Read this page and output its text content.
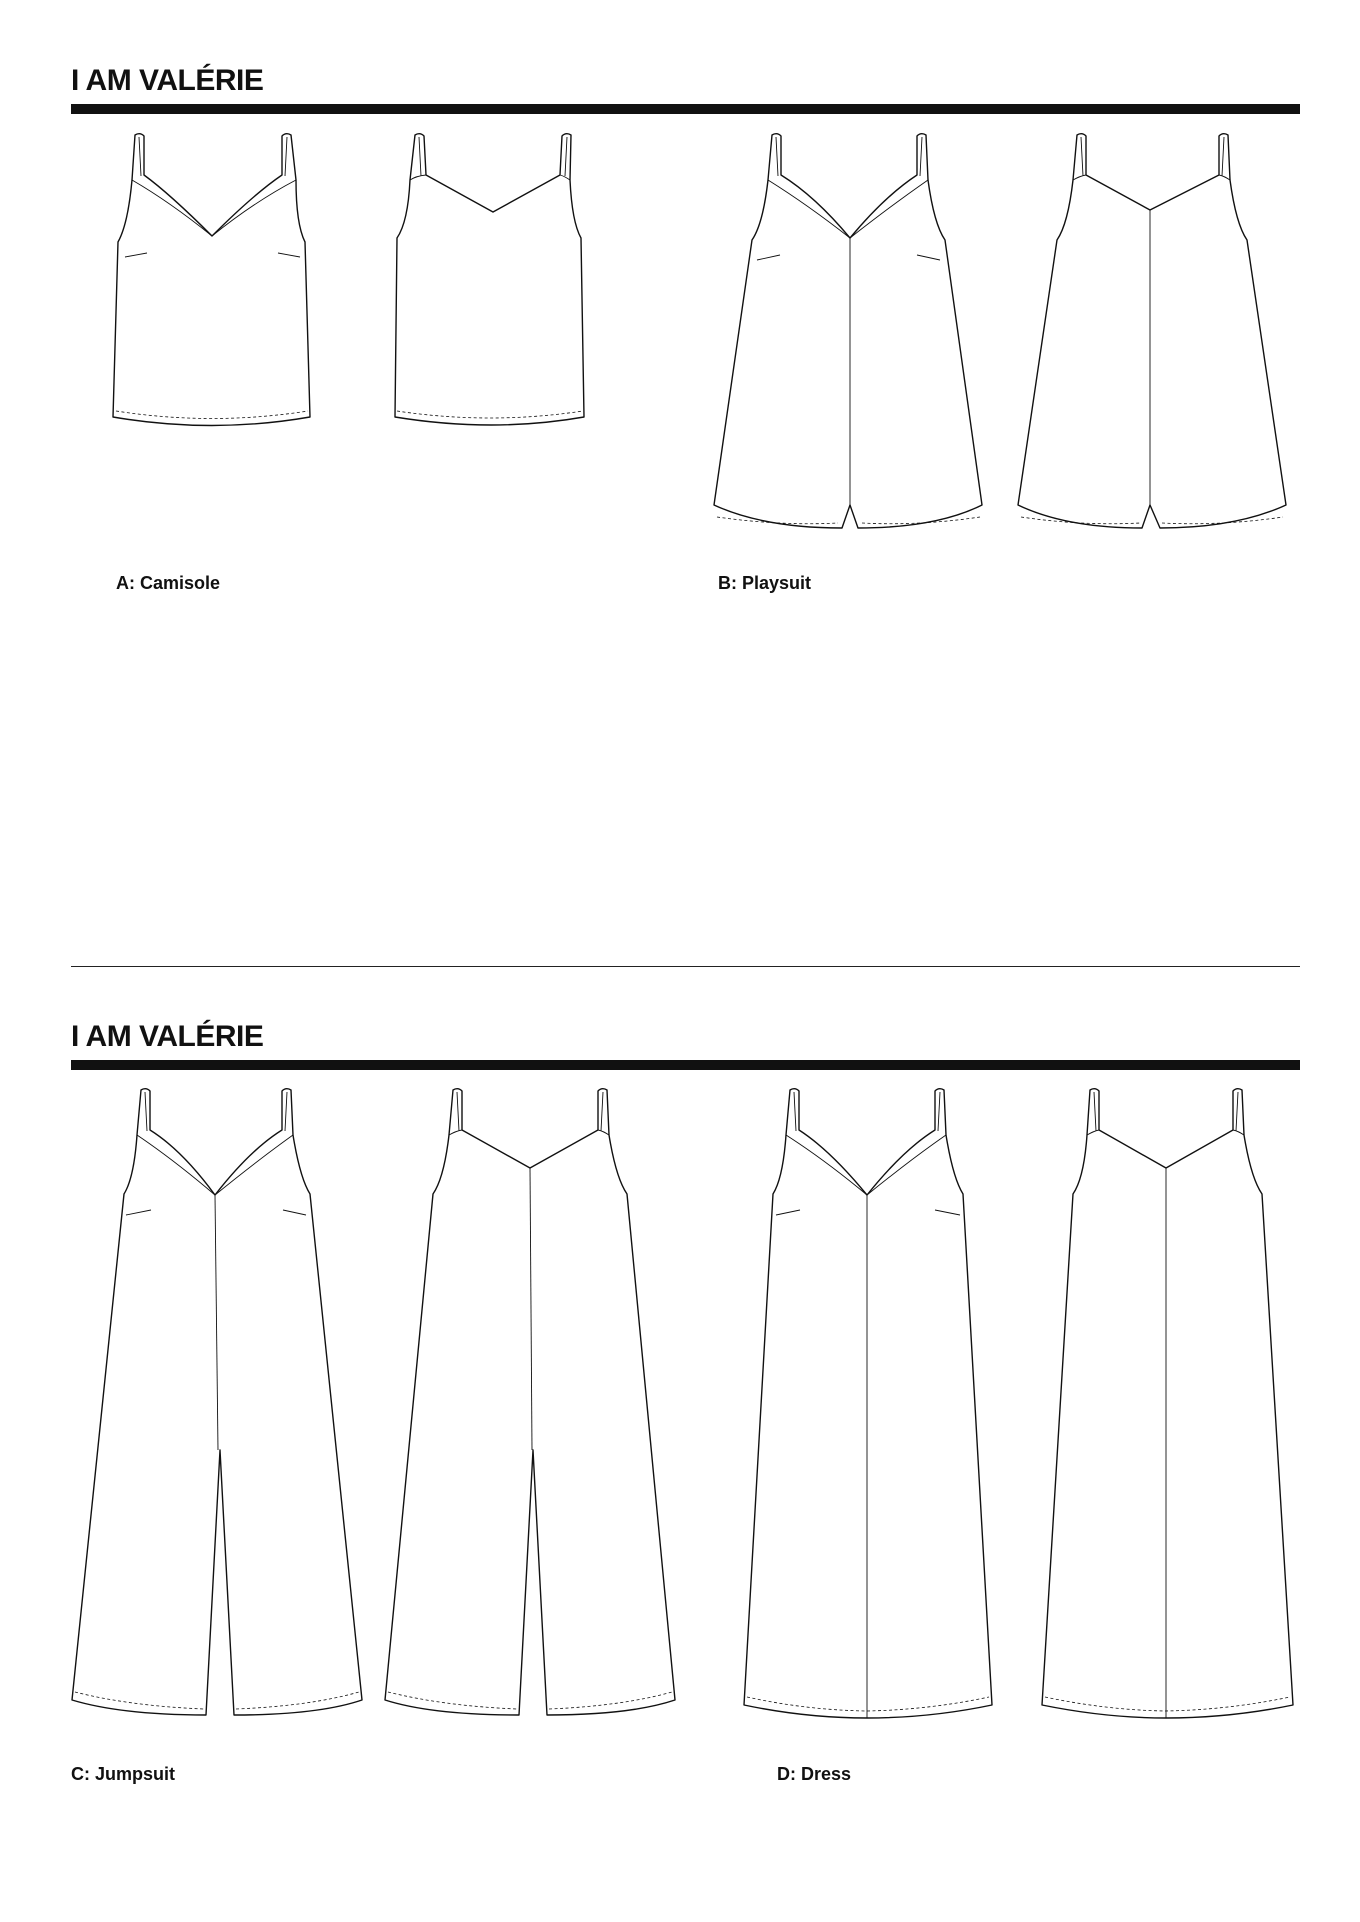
I AM VALÉRIE
I AM VALÉRIE
A: Camisole	B: Playsuit
C: Jumpsuit	D: Dress
